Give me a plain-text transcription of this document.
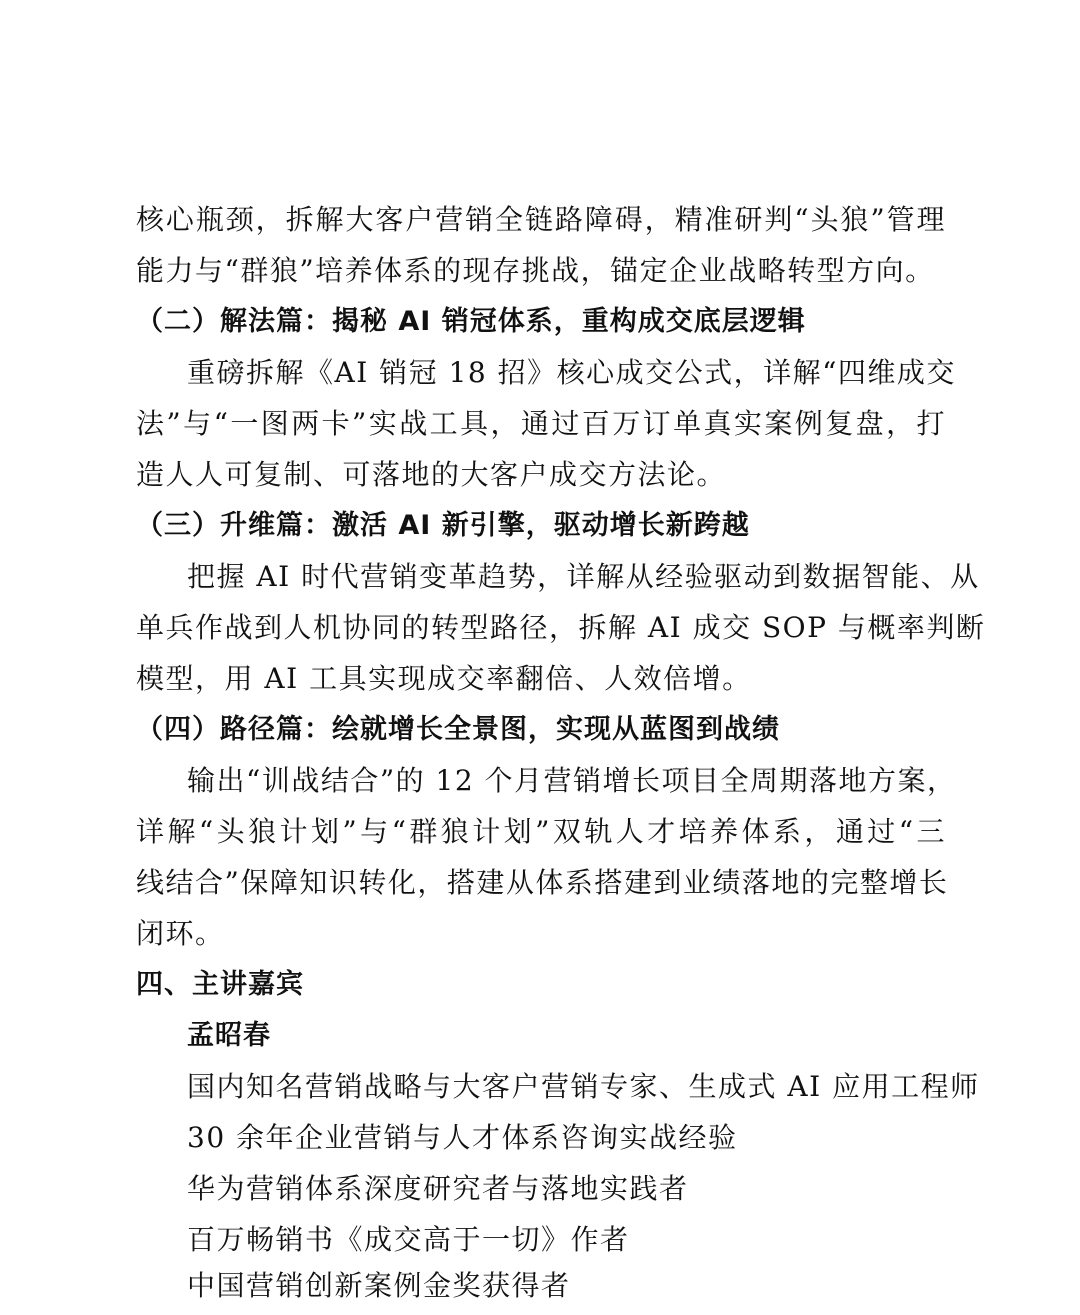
核心瓶颈，拆解大客户营销全链路障碍，精准研判“头狼”管理
能力与“群狼”培养体系的现存挑战，锚定企业战略转型方向。
（二）解法篇：揭秘 AI 销冠体系，重构成交底层逻辑
重磅拆解《AI 销冠 18 招》核心成交公式，详解“四维成交
法”与“一图两卡”实战工具，通过百万订单真实案例复盘，打
造人人可复制、可落地的大客户成交方法论。
（三）升维篇：激活 AI 新引擎，驱动增长新跨越
把握 AI 时代营销变革趋势，详解从经验驱动到数据智能、从
单兵作战到人机协同的转型路径，拆解 AI 成交 SOP 与概率判断
模型，用 AI 工具实现成交率翻倍、人效倍增。
（四）路径篇：绘就增长全景图，实现从蓝图到战绩
输出“训战结合”的 12 个月营销增长项目全周期落地方案，
详解“头狼计划”与“群狼计划”双轨人才培养体系，通过“三
线结合”保障知识转化，搭建从体系搭建到业绩落地的完整增长
闭环。
四、主讲嘉宾
孟昭春
国内知名营销战略与大客户营销专家、生成式 AI 应用工程师
30 余年企业营销与人才体系咨询实战经验
华为营销体系深度研究者与落地实践者
百万畅销书《成交高于一切》作者
中国营销创新案例金奖获得者
